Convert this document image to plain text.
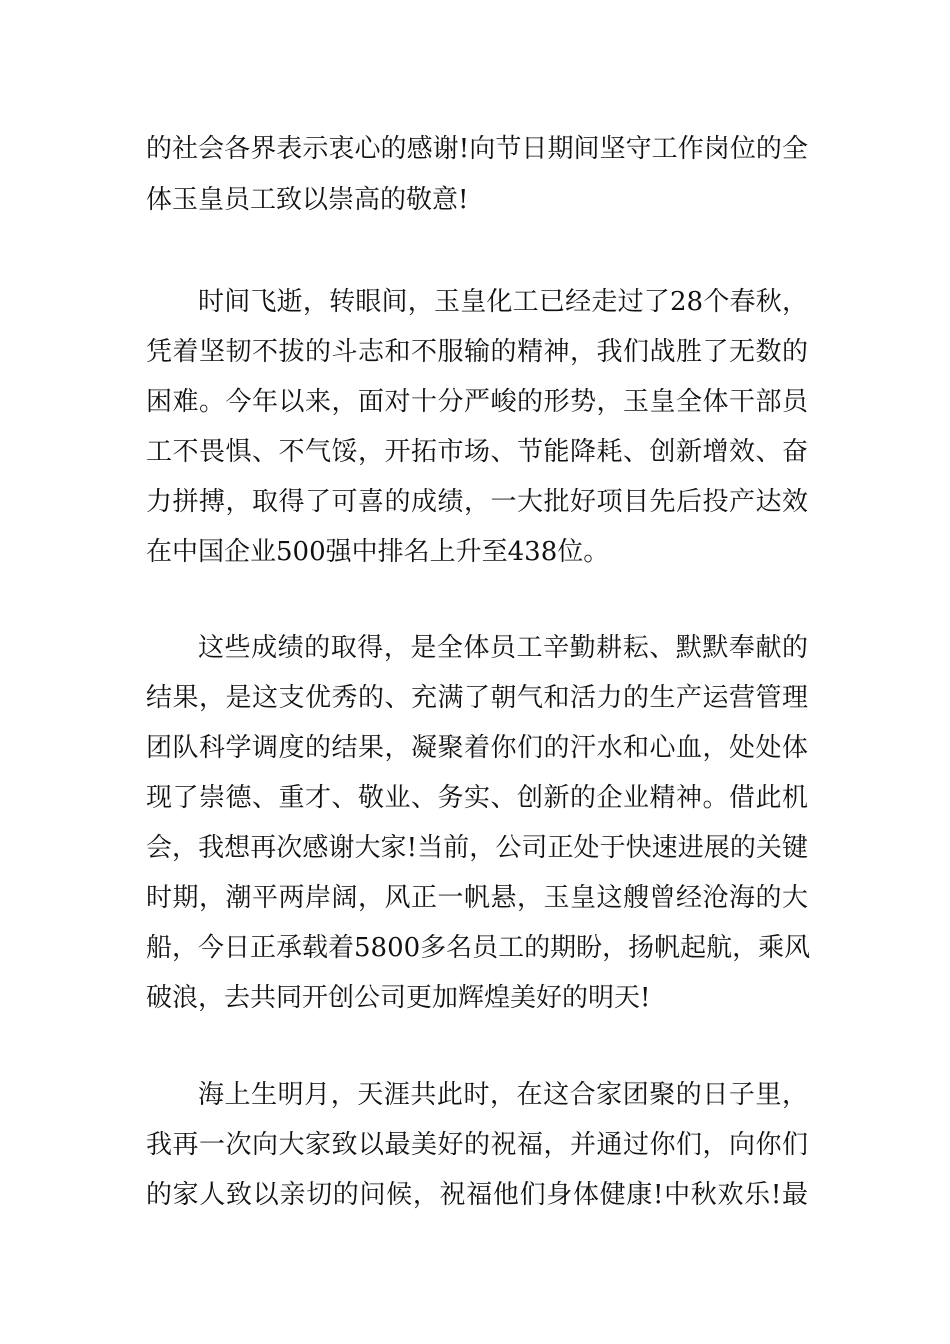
的社会各界表示衷心的感谢!向节日期间坚守工作岗位的全
体玉皇员工致以崇高的敬意!
时间飞逝，转眼间，玉皇化工已经走过了28个春秋，
凭着坚韧不拔的斗志和不服输的精神，我们战胜了无数的
困难。今年以来，面对十分严峻的形势，玉皇全体干部员
工不畏惧、不气馁，开拓市场、节能降耗、创新增效、奋
力拼搏，取得了可喜的成绩，一大批好项目先后投产达效
在中国企业500强中排名上升至438位。
这些成绩的取得，是全体员工辛勤耕耘、默默奉献的
结果，是这支优秀的、充满了朝气和活力的生产运营管理
团队科学调度的结果，凝聚着你们的汗水和心血，处处体
现了崇德、重才、敬业、务实、创新的企业精神。借此机
会，我想再次感谢大家!当前，公司正处于快速进展的关键
时期，潮平两岸阔，风正一帆悬，玉皇这艘曾经沧海的大
船，今日正承载着5800多名员工的期盼，扬帆起航，乘风
破浪，去共同开创公司更加辉煌美好的明天!
海上生明月，天涯共此时，在这合家团聚的日子里，
我再一次向大家致以最美好的祝福，并通过你们，向你们
的家人致以亲切的问候，祝福他们身体健康!中秋欢乐!最
